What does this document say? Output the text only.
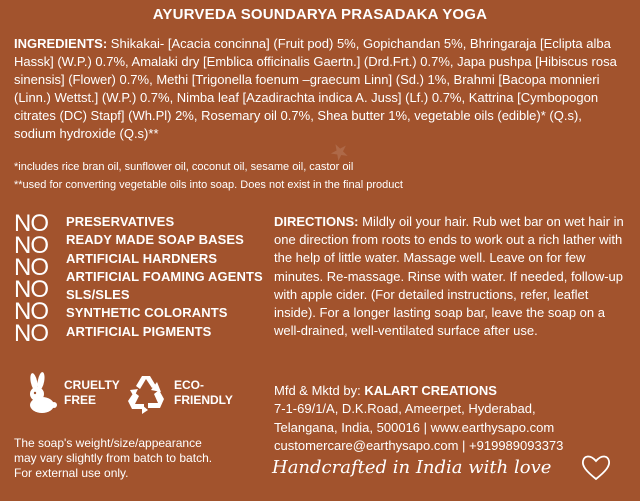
★
AYURVEDA SOUNDARYA PRASADAKA YOGA
INGREDIENTS: Shikakai- [Acacia concinna] (Fruit pod) 5%, Gopichandan 5%, Bhringaraja [Eclipta alba Hassk] (W.P.) 0.7%, Amalaki dry [Emblica officinalis Gaertn.] (Drd.Frt.) 0.7%, Japa pushpa [Hibiscus rosa sinensis] (Flower) 0.7%, Methi [Trigonella foenum –graecum Linn] (Sd.) 1%, Brahmi [Bacopa monnieri (Linn.) Wettst.] (W.P.) 0.7%, Nimba leaf [Azadirachta indica A. Juss] (Lf.) 0.7%, Kattrina [Cymbopogon citrates (DC) Stapf] (Wh.Pl) 2%, Rosemary oil 0.7%, Shea butter 1%, vegetable oils (edible)* (Q.s), sodium hydroxide (Q.s)**
*includes rice bran oil, sunflower oil, coconut oil, sesame oil, castor oil
**used for converting vegetable oils into soap. Does not exist in the final product
NO
NO
NO
NO
NO
NO
PRESERVATIVES
READY MADE SOAP BASES
ARTIFICIAL HARDNERS
ARTIFICIAL FOAMING AGENTS
SLS/SLES
SYNTHETIC COLORANTS
ARTIFICIAL PIGMENTS
DIRECTIONS: Mildly oil your hair. Rub wet bar on wet hair in one direction from roots to ends to work out a rich lather with the help of little water. Massage well. Leave on for few minutes. Re-massage. Rinse with water. If needed, follow-up with apple cider. (For detailed instructions, refer, leaflet inside). For a longer lasting soap bar, leave the soap on a well-drained, well-ventilated surface after use.
CRUELTY
FREE
ECO-
FRIENDLY
The soap's weight/size/appearance
may vary slightly from batch to batch.
For external use only.
Mfd & Mktd by: KALART CREATIONS
7-1-69/1/A, D.K.Road, Ameerpet, Hyderabad,
Telangana, India, 500016 | www.earthysapo.com
customercare@earthysapo.com | +919989093373
Handcrafted in India with love
